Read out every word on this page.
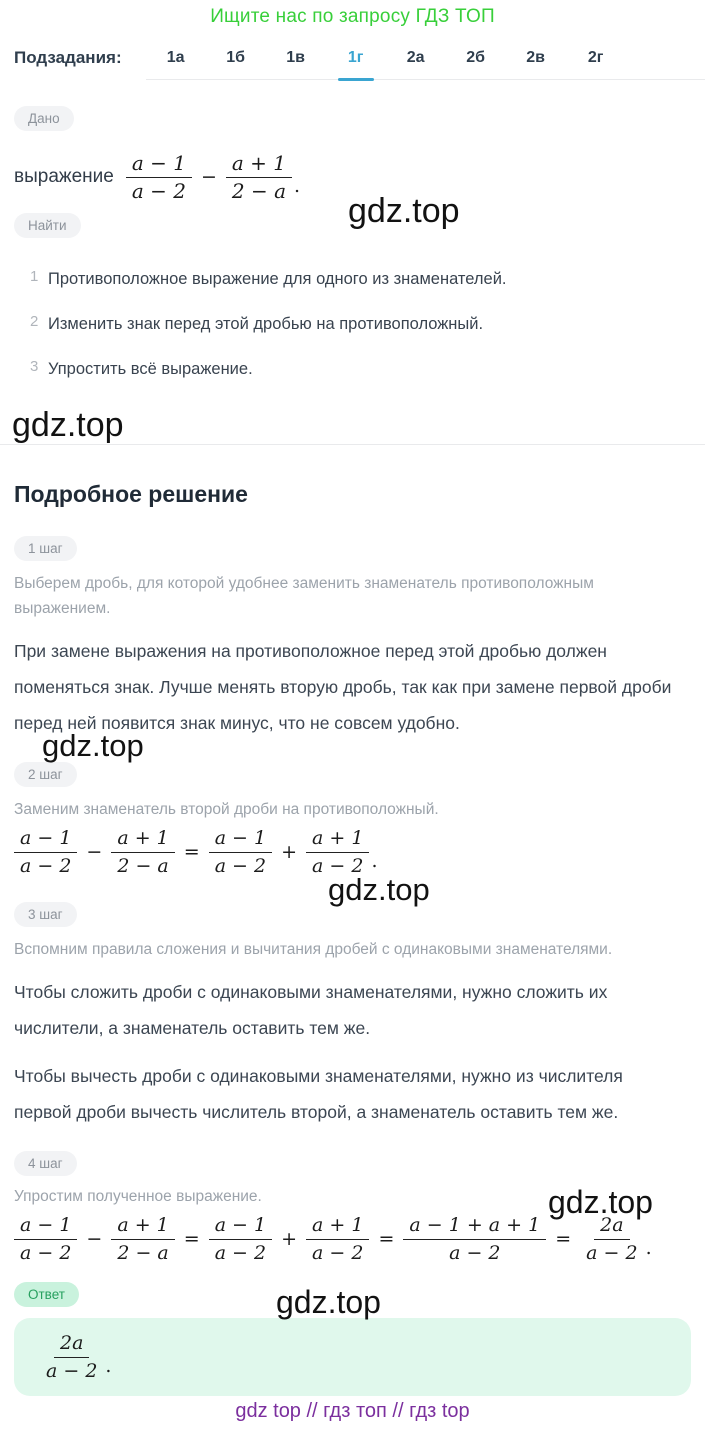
Ищите нас по запросу ГДЗ ТОП
Подзадания:	1а	1б	1в	1г	2а	2б	2в	2г
Дано
выражение $\frac{a - 1}{a - 2} - \frac{a + 1}{2 - a}$ .
Найти
1 Противоположное выражение для одного из знаменателей.
2 Изменить знак перед этой дробью на противоположный.
3 Упростить всё выражение.
Подробное решение
1 шаг
Выберем дробь, для которой удобнее заменить знаменатель противоположным выражением.
При замене выражения на противоположное перед этой дробью должен поменяться знак. Лучше менять вторую дробь, так как при замене первой дроби перед ней появится знак минус, что не совсем удобно.
2 шаг
Заменим знаменатель второй дроби на противоположный.
$\frac{a - 1}{a - 2} - \frac{a + 1}{2 - a} = \frac{a - 1}{a - 2} + \frac{a + 1}{a - 2}$ .
3 шаг
Вспомним правила сложения и вычитания дробей с одинаковыми знаменателями.
Чтобы сложить дроби с одинаковыми знаменателями, нужно сложить их числители, а знаменатель оставить тем же.
Чтобы вычесть дроби с одинаковыми знаменателями, нужно из числителя первой дроби вычесть числитель второй, а знаменатель оставить тем же.
4 шаг
Упростим полученное выражение.
$\frac{a - 1}{a - 2} - \frac{a + 1}{2 - a} = \frac{a - 1}{a - 2} + \frac{a + 1}{a - 2} = \frac{a - 1 + a + 1}{a - 2} = \frac{2a}{a - 2}$ .
Ответ
$\frac{2a}{a - 2}$ .
gdz top // гдз топ // гдз top
gdz.top
gdz.top
gdz.top
gdz.top
gdz.top
gdz.top
